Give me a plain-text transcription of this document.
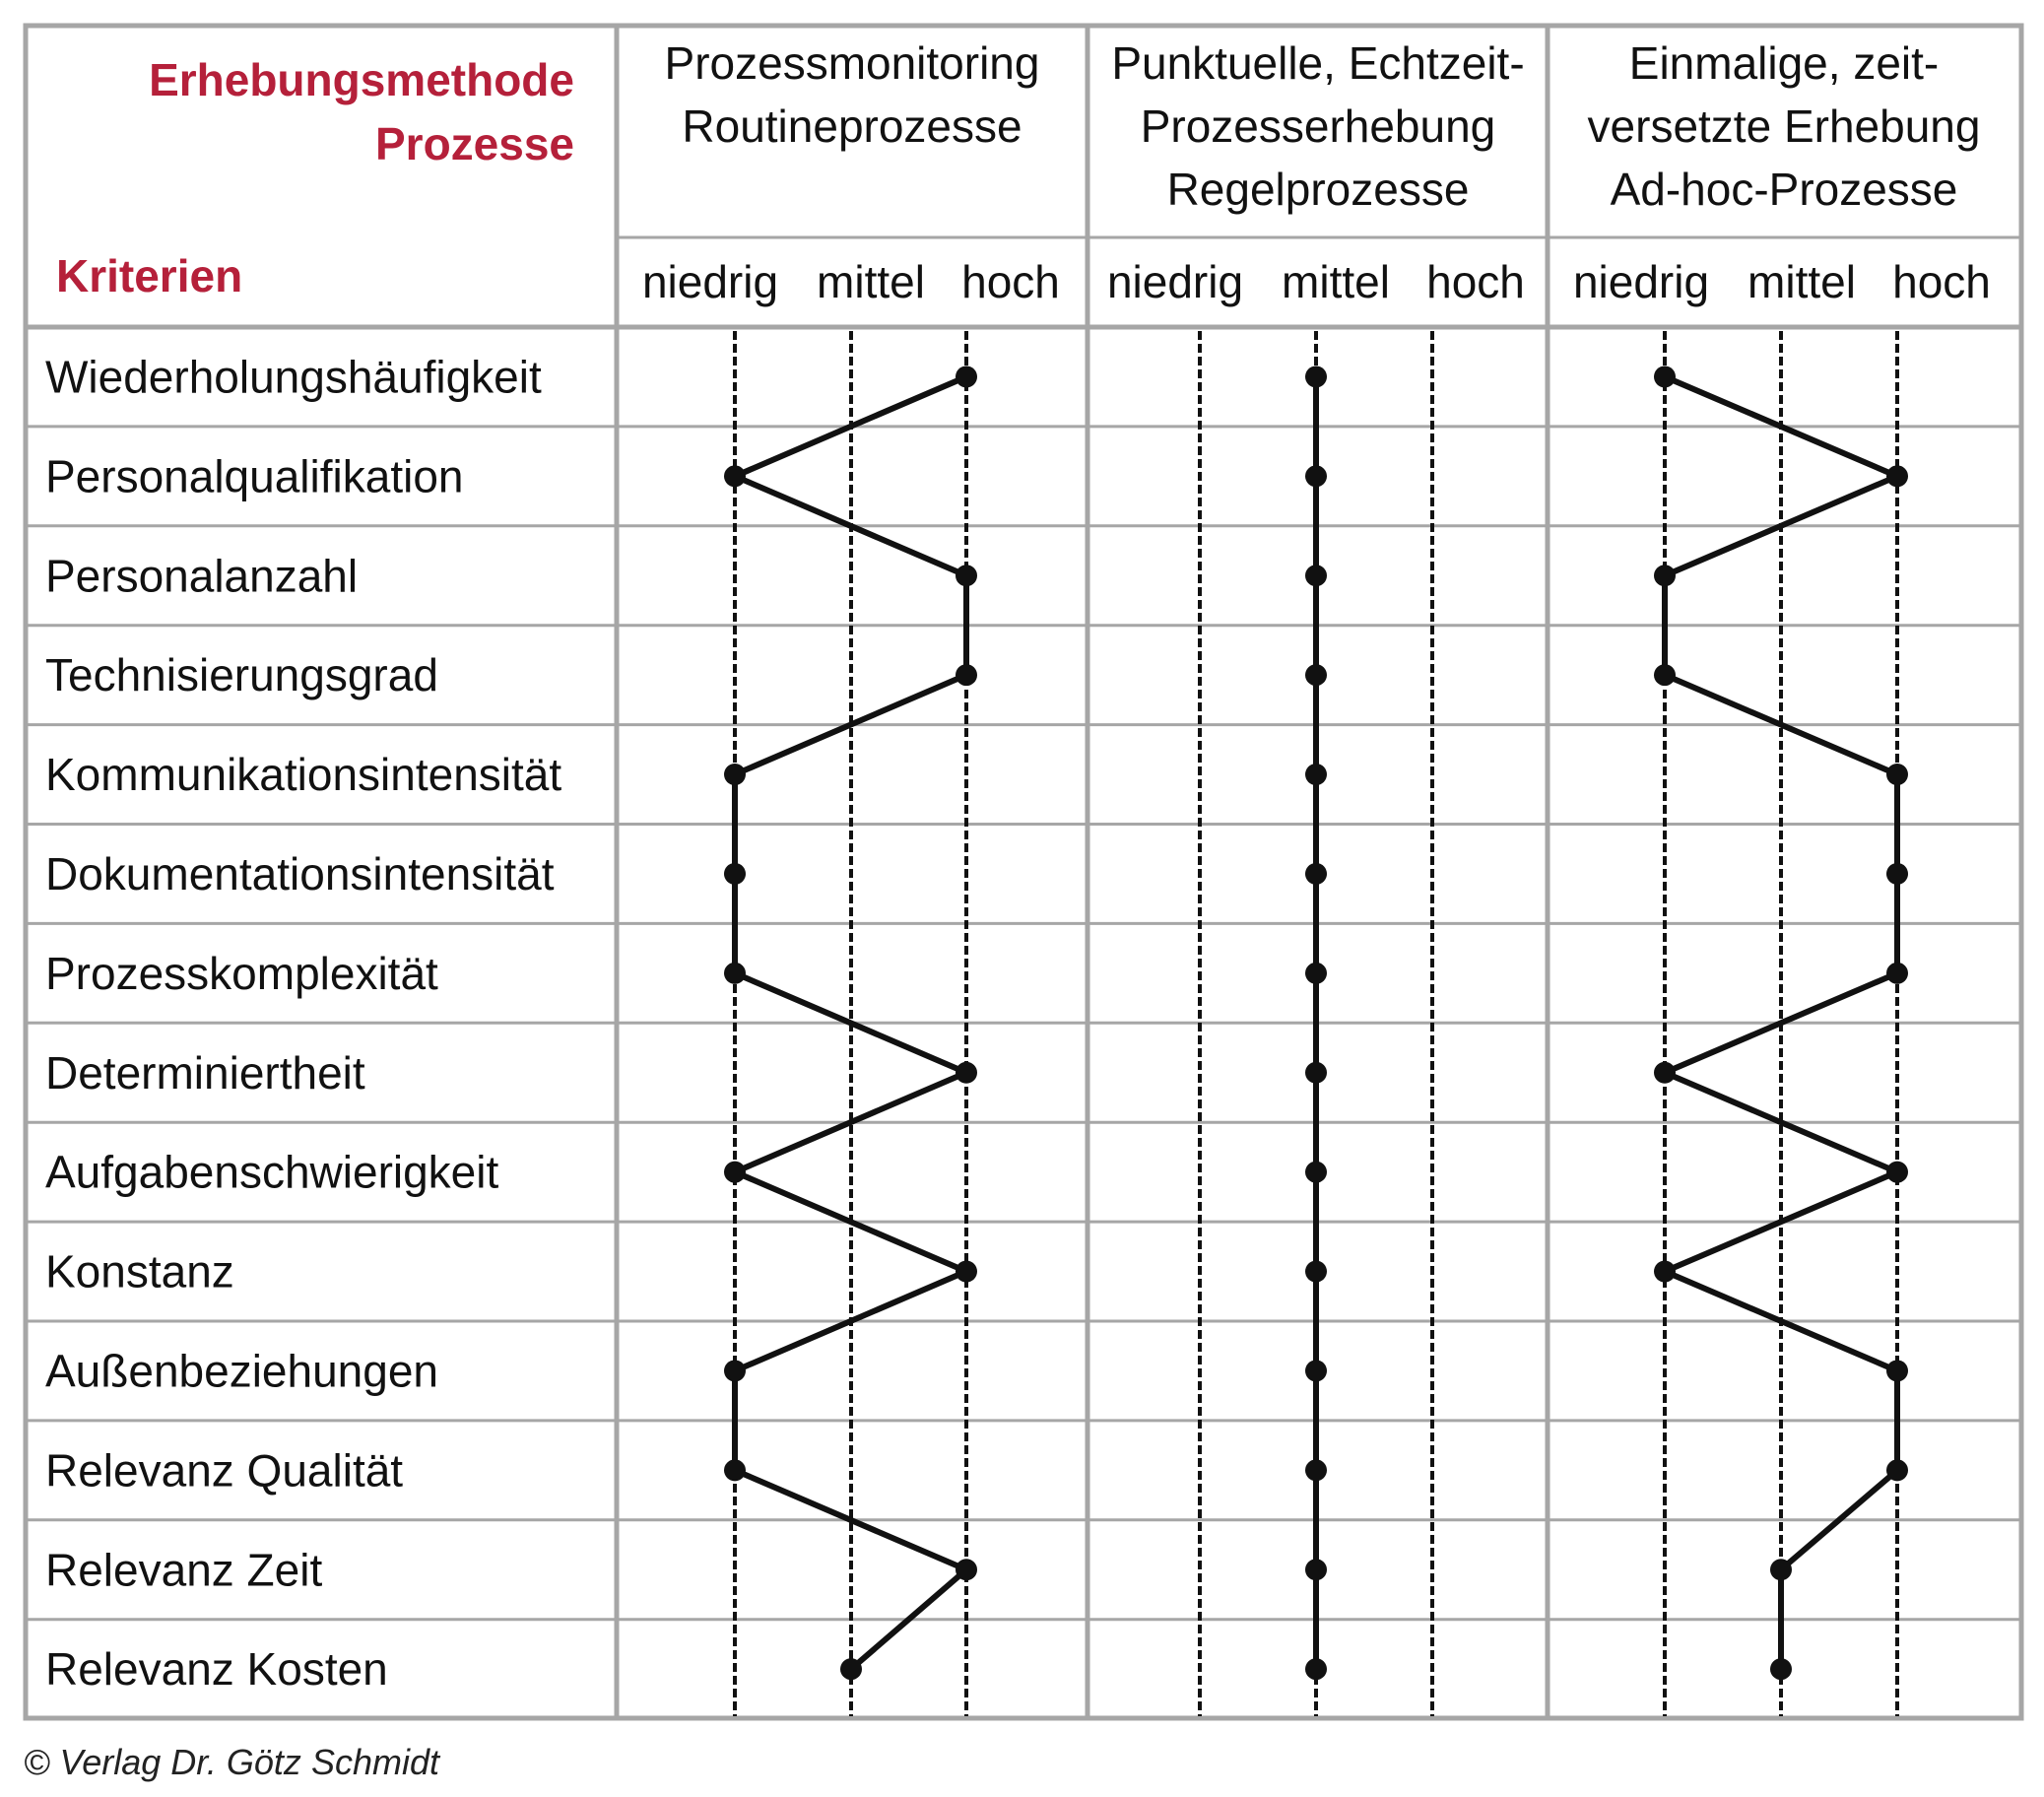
Erhebungsmethode
Prozesse
Kriterien
Prozessmonitoring
Routineprozesse
Punktuelle, Echtzeit-
Prozesserhebung
Regelprozesse
Einmalige, zeit-
versetzte Erhebung
Ad-hoc-Prozesse
niedrig mittel hoch niedrig mittel hoch niedrig mittel hoch
Wiederholungshäufigkeit
Personalqualifikation
Personalanzahl
Technisierungsgrad
Kommunikationsintensität
Dokumentationsintensität
Prozesskomplexität
Determiniertheit
Aufgabenschwierigkeit
Konstanz
Außenbeziehungen
Relevanz Qualität
Relevanz Zeit
Relevanz Kosten
© Verlag Dr. Götz Schmidt
